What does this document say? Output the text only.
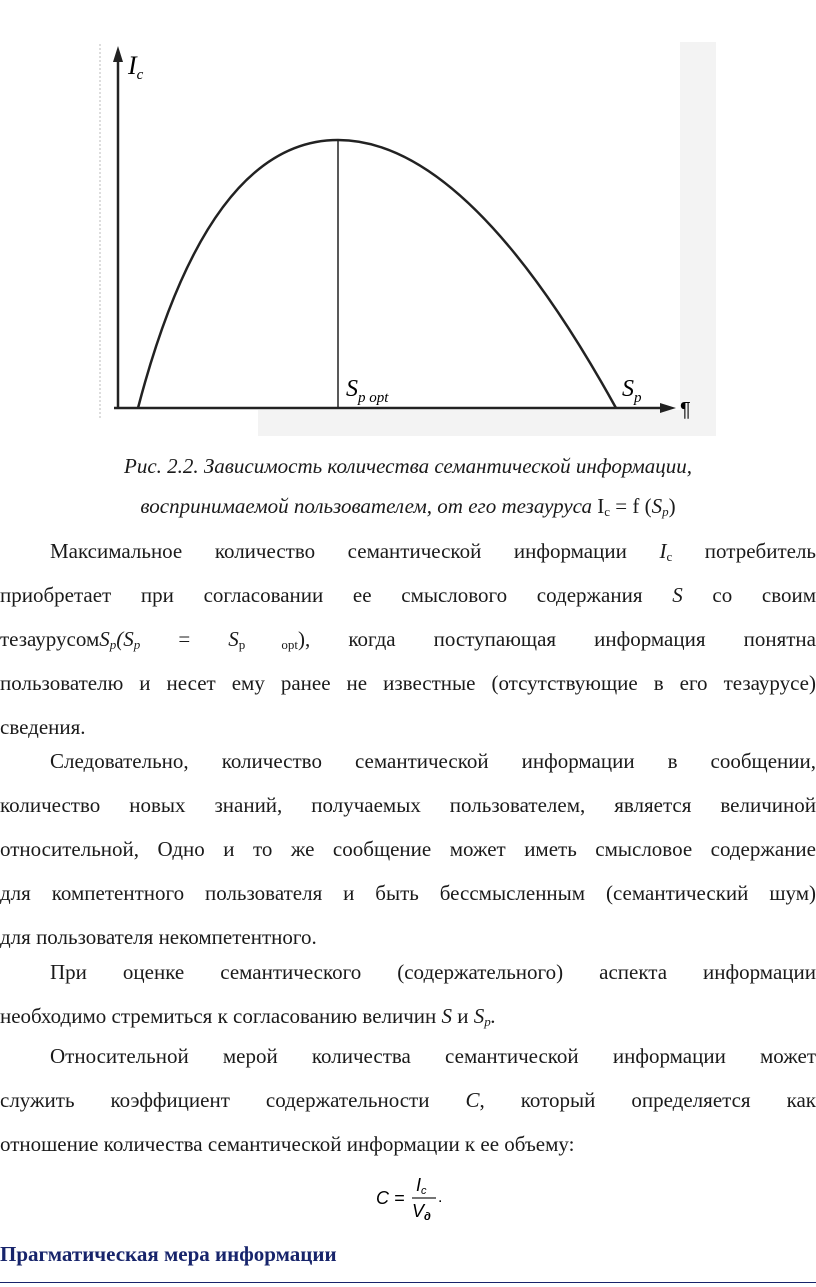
Ic
$S_{p opt}$	$S_p$
¶
Рис. 2.2. Зависимость количества семантической информации,
воспринимаемой пользователем, от его тезауруса $I_c = f$ $(S_p)$
Максимальное количество семантической информации $I_c$ потребитель
приобретает при согласовании ее смыслового содержания S со своим
$тезаурусомS_p(S_p = S_{p opt})$, когда поступающая информация понятна
пользователю и несет ему ранее не известные (отсутствующие в его тезаурусе)
сведения.
Следовательно, количество семантической информации в сообщении,
количество новых знаний, получаемых пользователем, является величиной
относительной, Одно и то же сообщение может иметь смысловое содержание
для компетентного пользователя и быть бессмысленным (семантический шум)
для пользователя некомпетентного.
При оценке семантического (содержательного) аспекта информации
необходимо стремиться к согласованию величин S и $S_p$.
Относительной мерой количества семантической информации может
служить коэффициент содержательности C, который определяется как
отношение количества семантической информации к ее объему:
C =
Ic
Vд
.
Прагматическая мера информации
